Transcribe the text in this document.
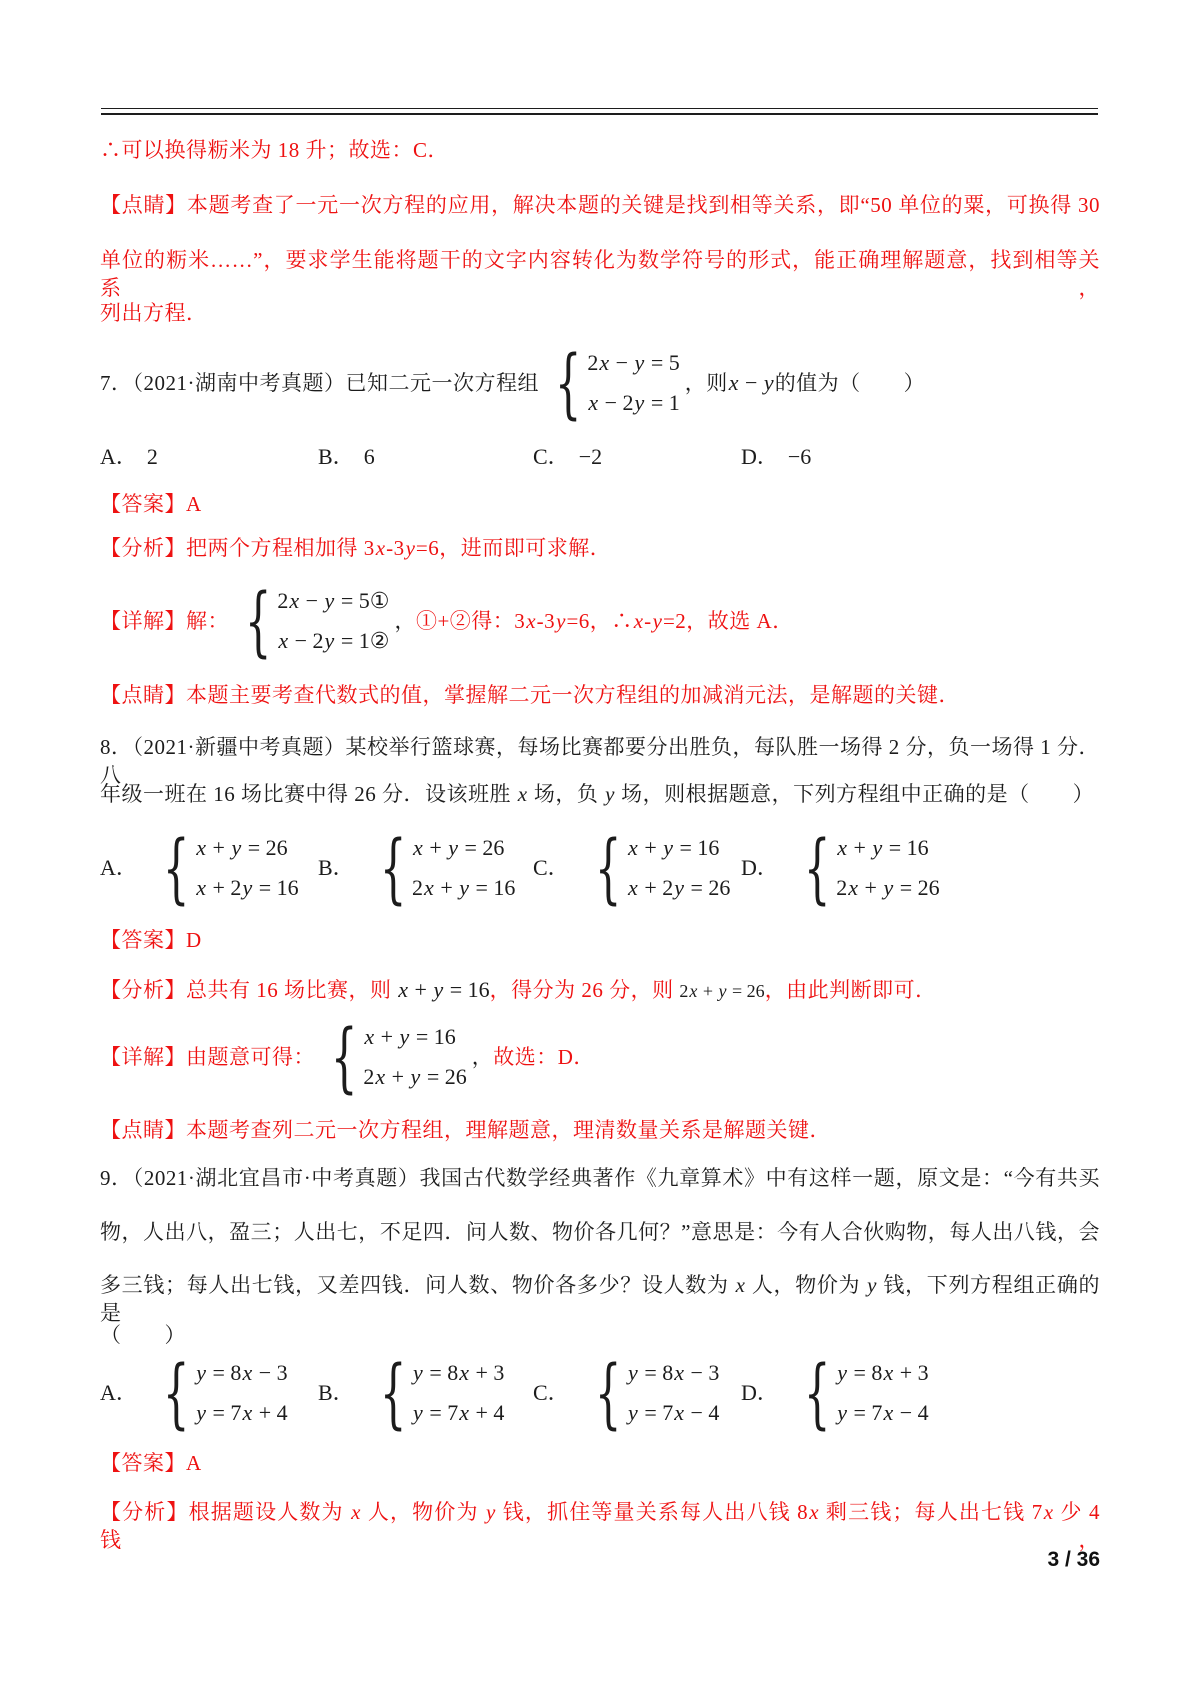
∴可以换得粝米为 18 升；故选：C．
【点睛】本题考查了一元一次方程的应用，解决本题的关键是找到相等关系，即“50 单位的粟，可换得 30
单位的粝米……”，要求学生能将题干的文字内容转化为数学符号的形式，能正确理解题意，找到相等关系，
列出方程．
7．（2021·湖南中考真题）已知二元一次方程组 { 2x − y = 5
x − 2y = 1
，则 x − y 的值为（　　）
A． 2	B． 6	C． −2	D． −6
【答案】A
【分析】把两个方程相加得 3x-3y=6，进而即可求解．
【详解】解： { 2x − y = 5①
x − 2y = 1②
， ①+②得：3x-3y=6，∴x-y=2，故选 A．
【点睛】本题主要考查代数式的值，掌握解二元一次方程组的加减消元法，是解题的关键．
8．（2021·新疆中考真题）某校举行篮球赛，每场比赛都要分出胜负，每队胜一场得 2 分，负一场得 1 分．八
年级一班在 16 场比赛中得 26 分．设该班胜 x 场，负 y 场，则根据题意，下列方程组中正确的是（　　）
A． { x + y = 26
x + 2y = 16
B． { x + y = 26
2x + y = 16
C． { x + y = 16
x + 2y = 26
D． { x + y = 16
2x + y = 26
【答案】D
【分析】总共有 16 场比赛，则 x + y = 16，得分为 26 分，则 2x + y = 26，由此判断即可．
【详解】由题意可得： { x + y = 16
2x + y = 26
， 故选：D．
【点睛】本题考查列二元一次方程组，理解题意，理清数量关系是解题关键．
9．（2021·湖北宜昌市·中考真题）我国古代数学经典著作《九章算术》中有这样一题，原文是：“今有共买
物，人出八，盈三；人出七，不足四．问人数、物价各几何？”意思是：今有人合伙购物，每人出八钱，会
多三钱；每人出七钱，又差四钱．问人数、物价各多少？设人数为 x 人，物价为 y 钱，下列方程组正确的是
（　　）
A． { y = 8x − 3
y = 7x + 4
B． { y = 8x + 3
y = 7x + 4
C． { y = 8x − 3
y = 7x − 4
D． { y = 8x + 3
y = 7x − 4
【答案】A
【分析】根据题设人数为 x 人，物价为 y 钱，抓住等量关系每人出八钱 8x 剩三钱；每人出七钱 7x 少 4 钱，
3 / 36
